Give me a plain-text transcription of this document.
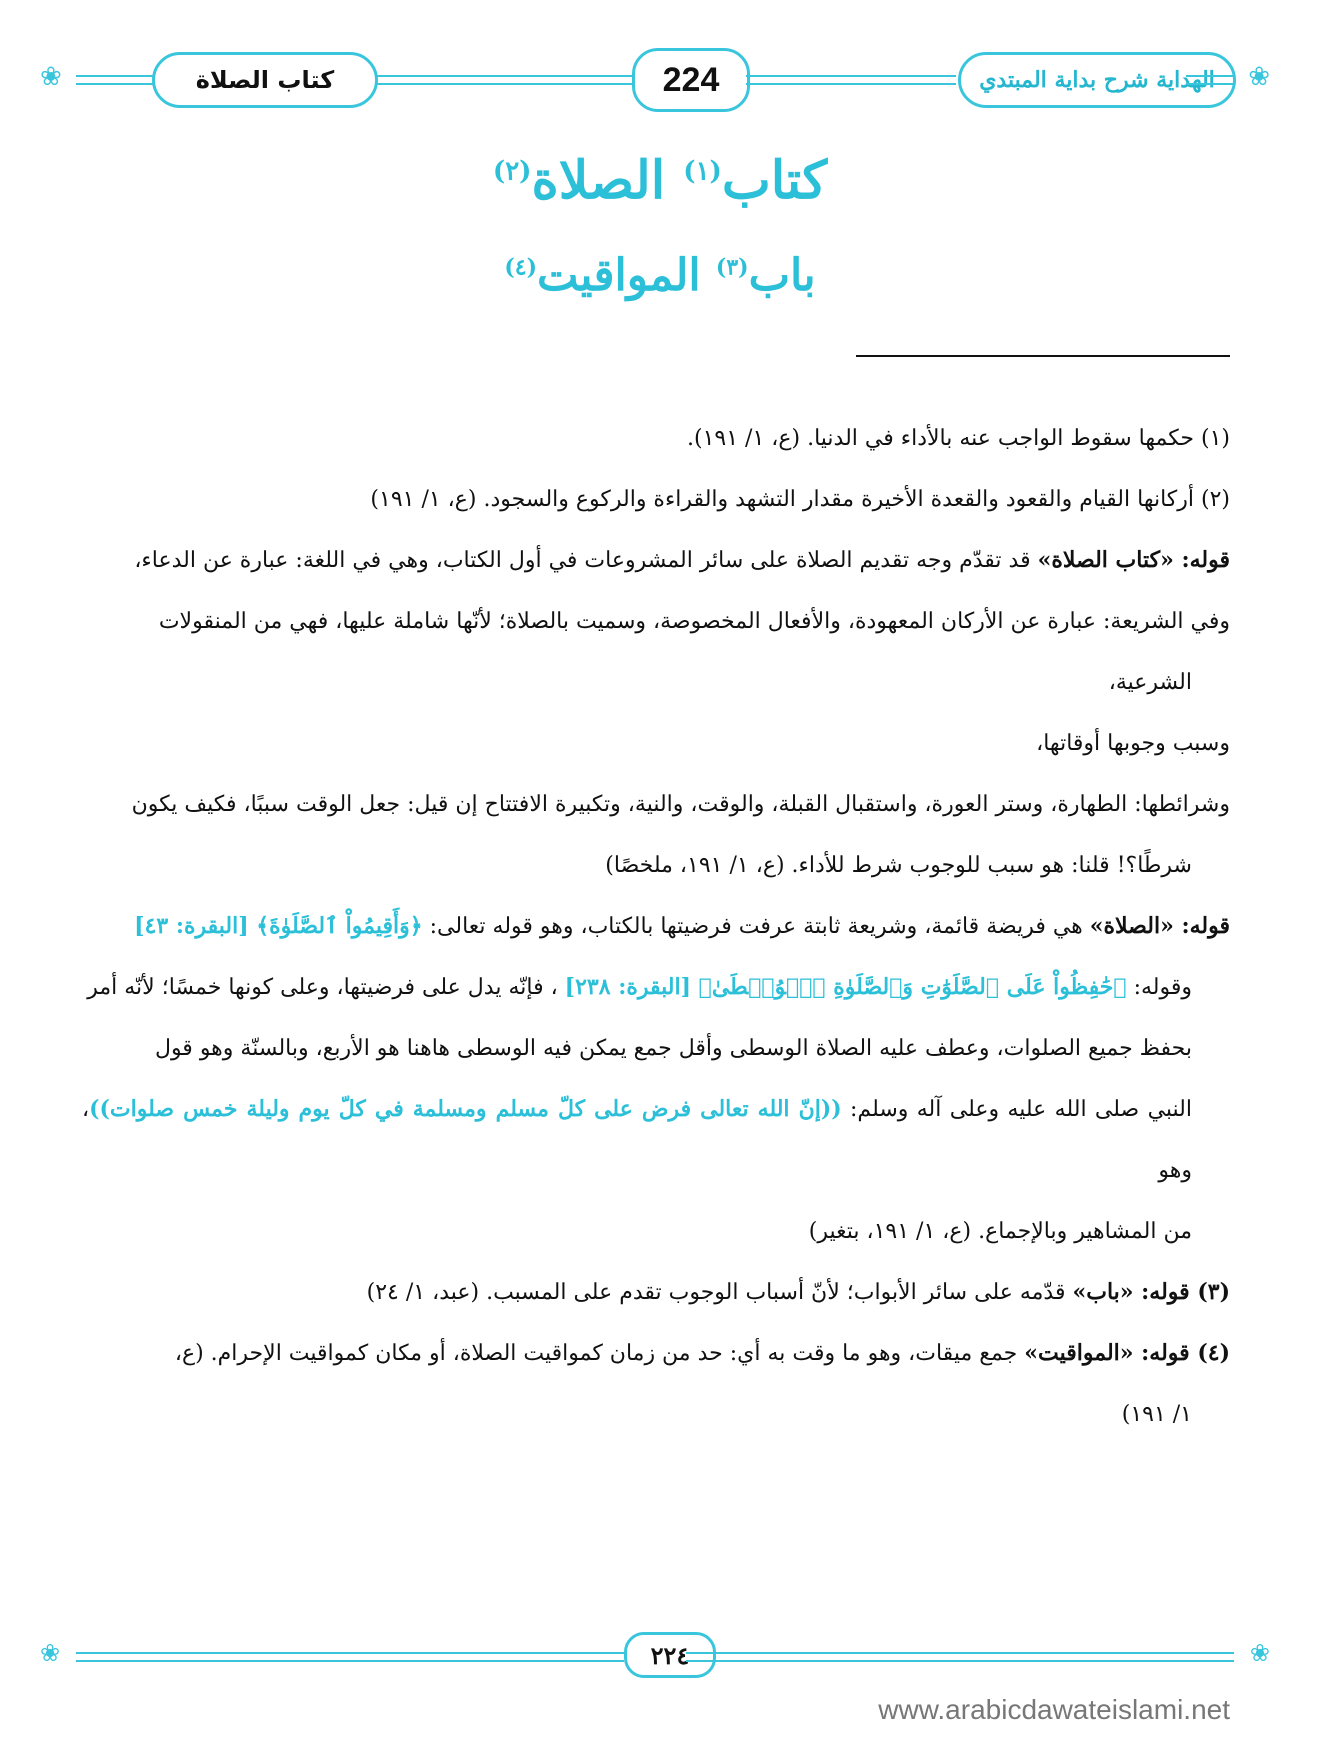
❀	كتاب الصلاة	224	الهداية شرح بداية المبتدي	❀
كتاب$^{(١)}$ الصلاة$^{(٢)}$
باب$^{(٣)}$ المواقيت$^{(٤)}$

(١) حكمها سقوط الواجب عنه بالأداء في الدنيا. (ع، ١/ ١٩١).

(٢) أركانها القيام والقعود والقعدة الأخيرة مقدار التشهد والقراءة والركوع والسجود. (ع، ١/ ١٩١)

قوله: «كتاب الصلاة» قد تقدّم وجه تقديم الصلاة على سائر المشروعات في أول الكتاب، وهي في اللغة: عبارة عن الدعاء،

وفي الشريعة: عبارة عن الأركان المعهودة، والأفعال المخصوصة، وسميت بالصلاة؛ لأنّها شاملة عليها، فهي من المنقولات

الشرعية،

وسبب وجوبها أوقاتها،

وشرائطها: الطهارة، وستر العورة، واستقبال القبلة، والوقت، والنية، وتكبيرة الافتتاح إن قيل: جعل الوقت سببًا، فكيف يكون

شرطًا؟! قلنا: هو سبب للوجوب شرط للأداء. (ع، ١/ ١٩١، ملخصًا)

قوله: «الصلاة» هي فريضة قائمة، وشريعة ثابتة عرفت فرضيتها بالكتاب، وهو قوله تعالى: ﴿وَأَقِيمُواْ ٱلصَّلَوٰةَ﴾ [البقرة: ٤٣]

وقوله: ﴿حَٰفِظُواْ عَلَى ٱلصَّلَوَٰتِ وَٱلصَّلَوٰةِ ٱلۡوُسۡطَىٰ﴾ [البقرة: ٢٣٨] ، فإنّه يدل على فرضيتها، وعلى كونها خمسًا؛ لأنّه أمر

بحفظ جميع الصلوات، وعطف عليه الصلاة الوسطى وأقل جمع يمكن فيه الوسطى هاهنا هو الأربع، وبالسنّة وهو قول

النبي صلى الله عليه وعلى آله وسلم: ((إنّ الله تعالى فرض على كلّ مسلم ومسلمة في كلّ يوم وليلة خمس صلوات))، وهو

من المشاهير وبالإجماع. (ع، ١/ ١٩١، بتغير)

(٣) قوله: «باب» قدّمه على سائر الأبواب؛ لأنّ أسباب الوجوب تقدم على المسبب. (عبد، ١/ ٢٤)

(٤) قوله: «المواقيت» جمع ميقات، وهو ما وقت به أي: حد من زمان كمواقيت الصلاة، أو مكان كمواقيت الإحرام. (ع،

١/ ١٩١)

❀	٢٢٤	❀
www.arabicdawateislami.net
